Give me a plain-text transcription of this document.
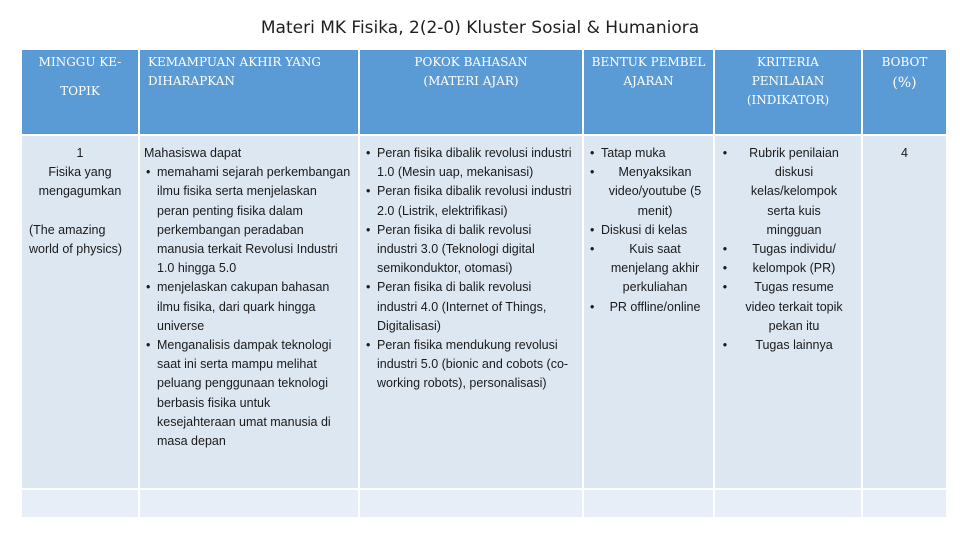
Materi MK Fisika, 2(2-0) Kluster Sosial & Humaniora
MINGGU KE-
TOPIK
KEMAMPUAN AKHIR YANG DIHARAPKAN
POKOK BAHASAN (MATERI AJAR)
BENTUK PEMBELAJARAN
KRITERIA PENILAIAN (INDIKATOR)
BOBOT
(%)
1
Fisika yang mengagumkan
(The amazing world of physics)
Mahasiswa dapat
• memahami sejarah perkembangan ilmu fisika serta menjelaskan peran penting fisika dalam perkembangan peradaban manusia terkait Revolusi Industri 1.0 hingga 5.0
• menjelaskan cakupan bahasan ilmu fisika, dari quark hingga universe
• Menganalisis dampak teknologi saat ini serta mampu melihat peluang penggunaan teknologi berbasis fisika untuk kesejahteraan umat manusia di masa depan
• Peran fisika dibalik revolusi industri 1.0 (Mesin uap, mekanisasi)
• Peran fisika dibalik revolusi industri 2.0 (Listrik, elektrifikasi)
• Peran fisika di balik revolusi industri 3.0 (Teknologi digital semikonduktor, otomasi)
• Peran fisika di balik revolusi industri 4.0 (Internet of Things, Digitalisasi)
• Peran fisika mendukung revolusi industri 5.0 (bionic and cobots (co-working robots), personalisasi)
• Tatap muka
• Menyaksikan video/youtube (5 menit)
• Diskusi di kelas
• Kuis saat menjelang akhir perkuliahan
• PR offline/online
•
•
•
•
•
Rubrik penilaian diskusi kelas/kelompok serta kuis mingguan
Tugas individu/
kelompok (PR)
Tugas resume video terkait topik pekan itu
Tugas lainnya
4
